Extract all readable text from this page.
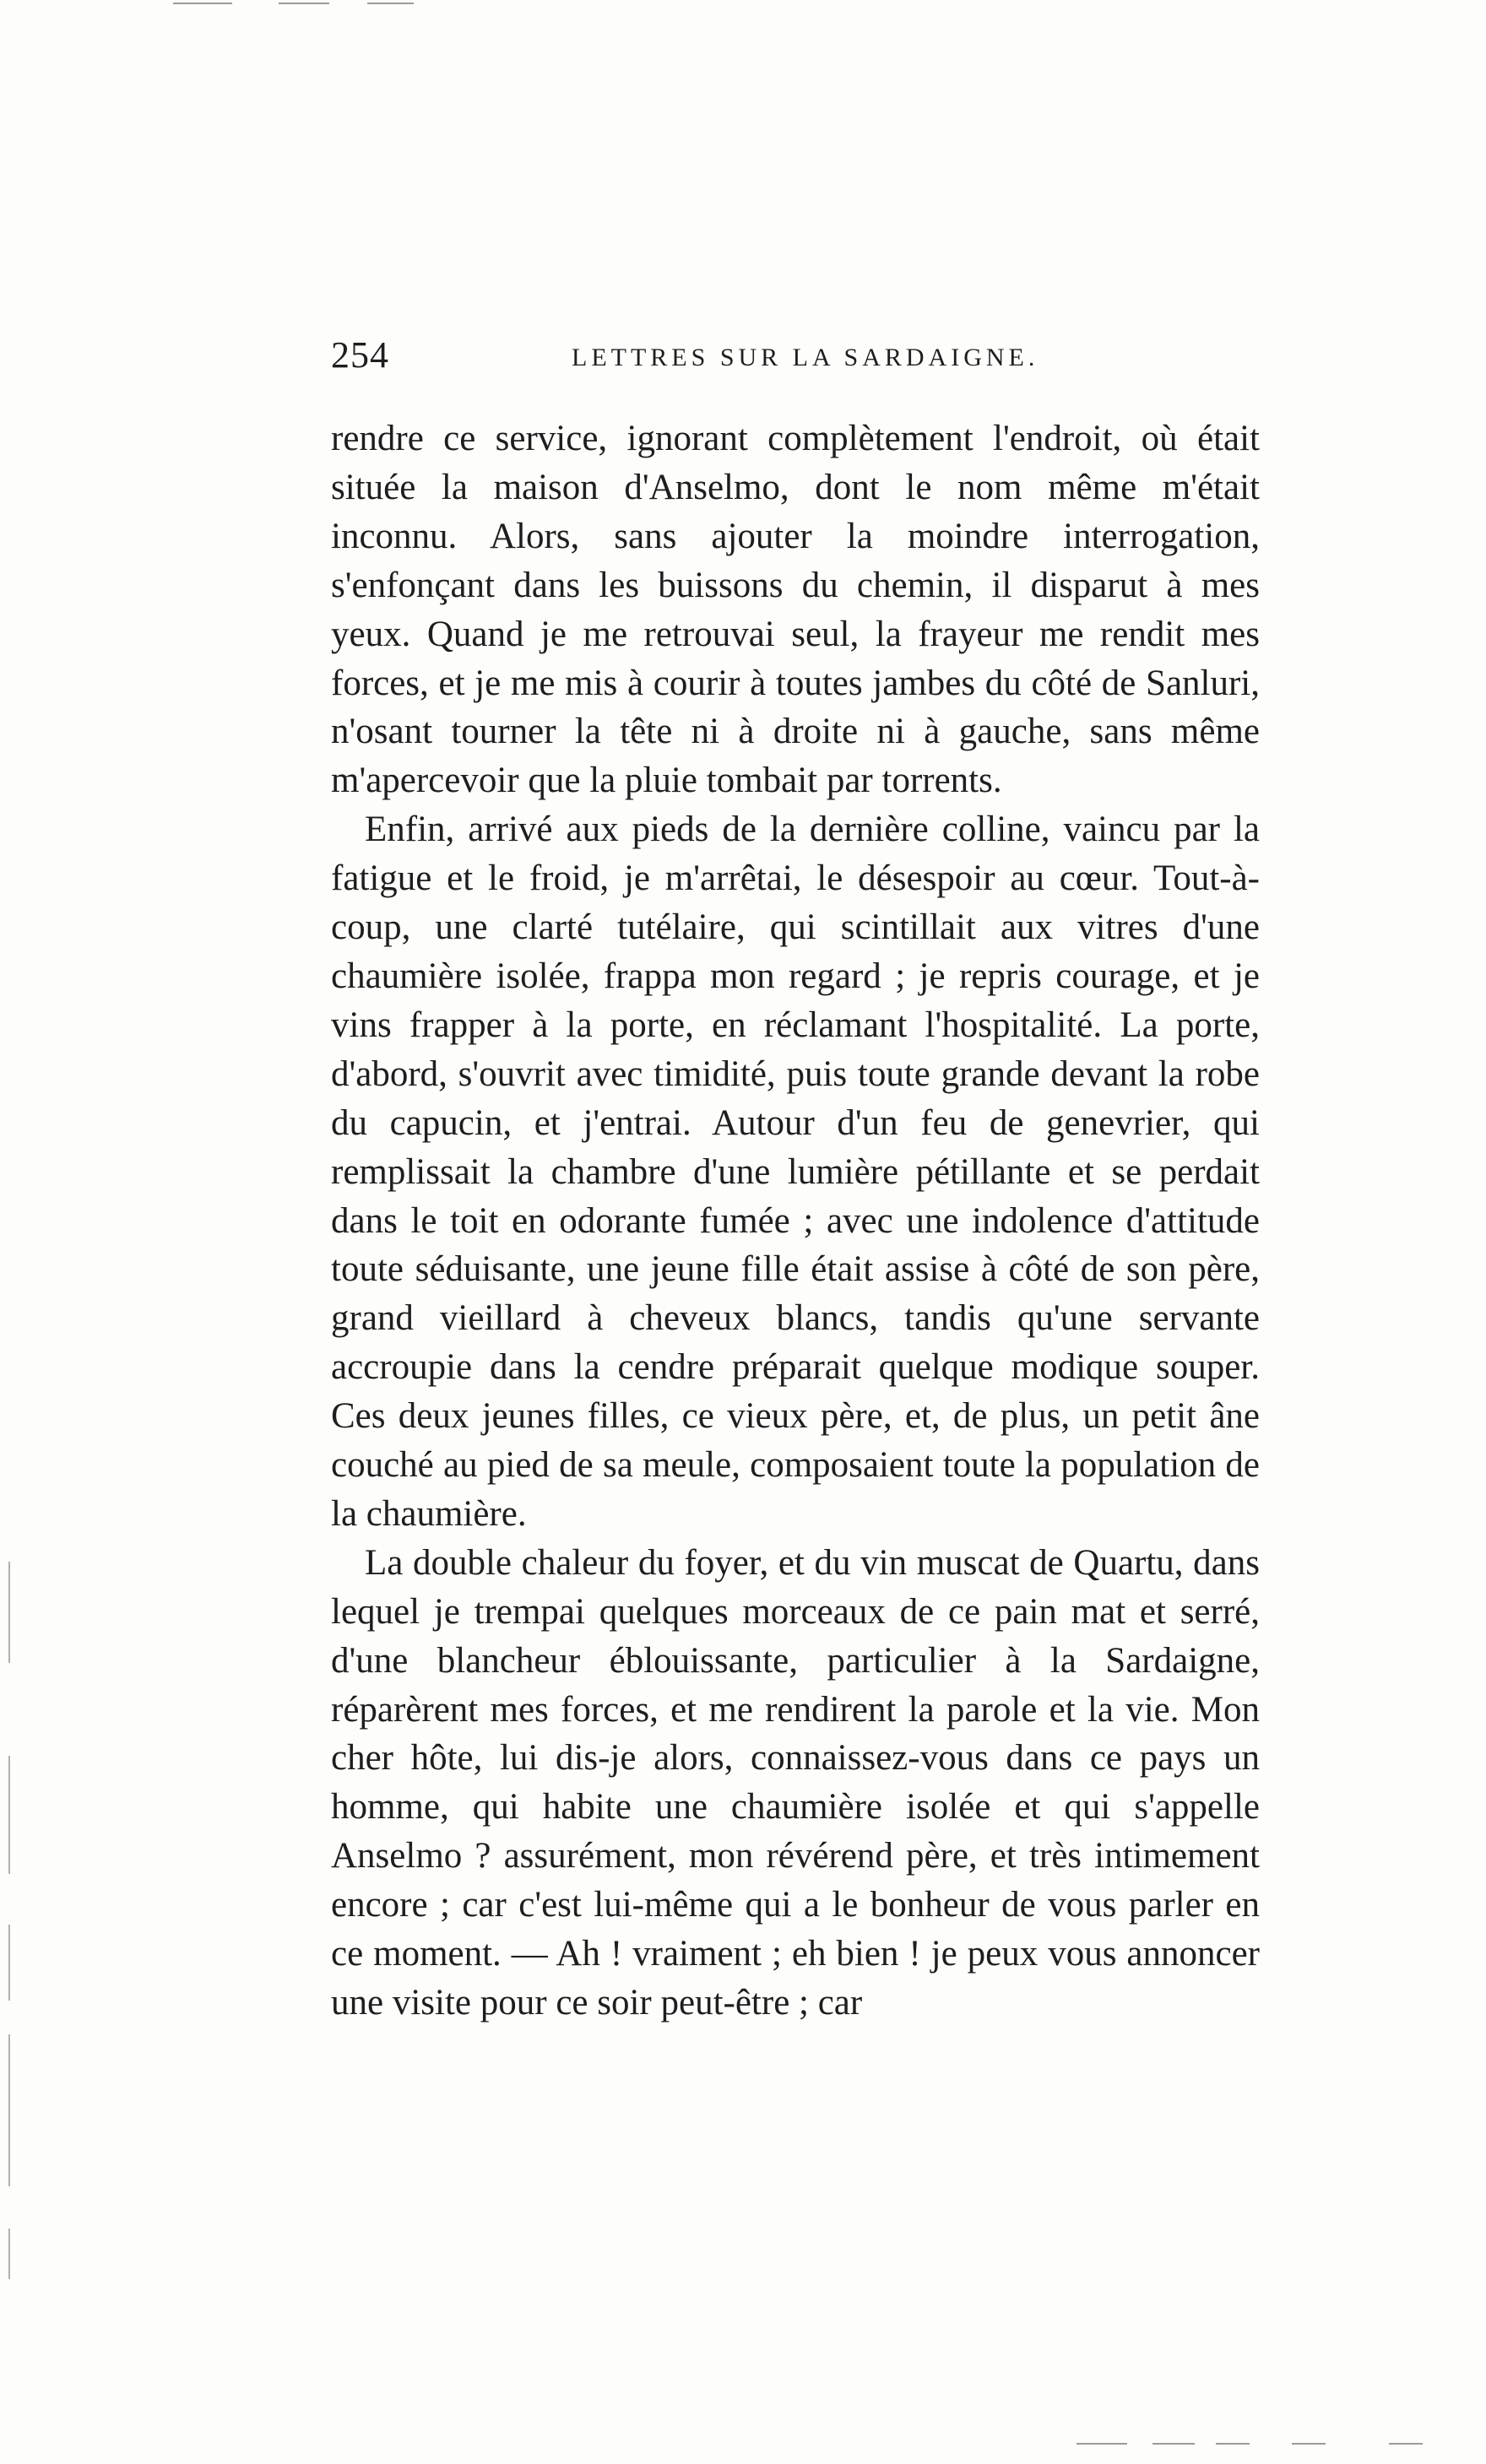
254	LETTRES SUR LA SARDAIGNE.

rendre ce service, ignorant complètement l'endroit, où était située la maison d'Anselmo, dont le nom même m'était inconnu. Alors, sans ajouter la moindre interrogation, s'enfonçant dans les buissons du chemin, il disparut à mes yeux. Quand je me retrouvai seul, la frayeur me rendit mes forces, et je me mis à courir à toutes jambes du côté de Sanluri, n'osant tourner la tête ni à droite ni à gauche, sans même m'apercevoir que la pluie tombait par torrents.

Enfin, arrivé aux pieds de la dernière colline, vaincu par la fatigue et le froid, je m'arrêtai, le désespoir au cœur. Tout-à-coup, une clarté tutélaire, qui scintillait aux vitres d'une chaumière isolée, frappa mon regard ; je repris courage, et je vins frapper à la porte, en réclamant l'hospitalité. La porte, d'abord, s'ouvrit avec timidité, puis toute grande devant la robe du capucin, et j'entrai. Autour d'un feu de genevrier, qui remplissait la chambre d'une lumière pétillante et se perdait dans le toit en odorante fumée ; avec une indolence d'attitude toute séduisante, une jeune fille était assise à côté de son père, grand vieillard à cheveux blancs, tandis qu'une servante accroupie dans la cendre préparait quelque modique souper. Ces deux jeunes filles, ce vieux père, et, de plus, un petit âne couché au pied de sa meule, composaient toute la population de la chaumière.

La double chaleur du foyer, et du vin muscat de Quartu, dans lequel je trempai quelques morceaux de ce pain mat et serré, d'une blancheur éblouissante, particulier à la Sardaigne, réparèrent mes forces, et me rendirent la parole et la vie. Mon cher hôte, lui dis-je alors, connaissez-vous dans ce pays un homme, qui habite une chaumière isolée et qui s'appelle Anselmo ? assurément, mon révérend père, et très intimement encore ; car c'est lui-même qui a le bonheur de vous parler en ce moment. — Ah ! vraiment ; eh bien ! je peux vous annoncer une visite pour ce soir peut-être ; car
